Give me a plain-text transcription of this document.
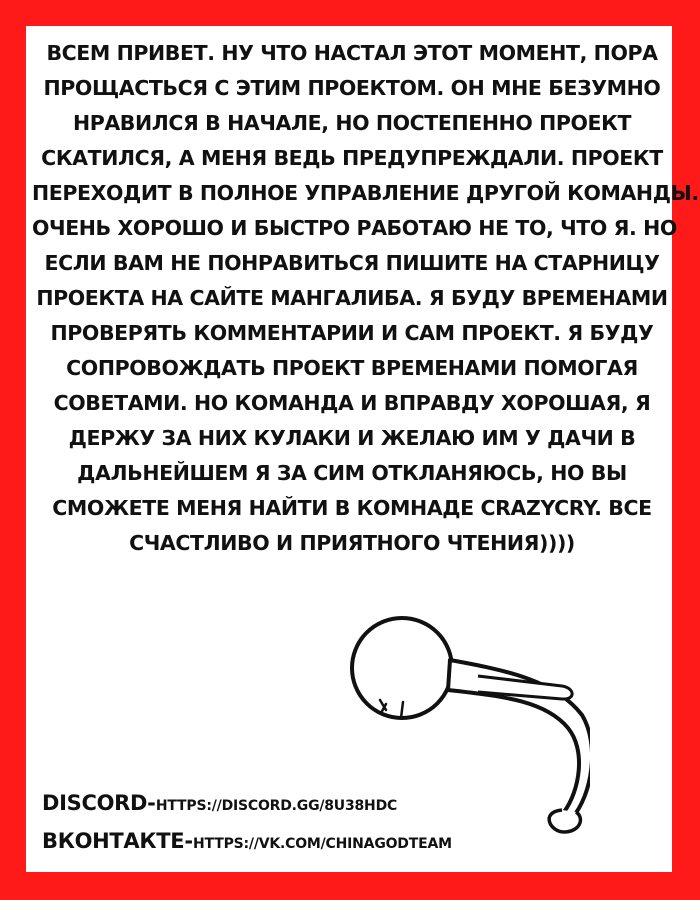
ВСЕМ ПРИВЕТ. НУ ЧТО НАСТАЛ ЭТОТ МОМЕНТ, ПОРА
ПРОЩАСТЬСЯ С ЭТИМ ПРОЕКТОМ. ОН МНЕ БЕЗУМНО
НРАВИЛСЯ В НАЧАЛЕ, НО ПОСТЕПЕННО ПРОЕКТ
СКАТИЛСЯ, А МЕНЯ ВЕДЬ ПРЕДУПРЕЖДАЛИ. ПРОЕКТ
ПЕРЕХОДИТ В ПОЛНОЕ УПРАВЛЕНИЕ ДРУГОЙ КОМАНДЫ.
ОЧЕНЬ ХОРОШО И БЫСТРО РАБОТАЮ НЕ ТО, ЧТО Я. НО
ЕСЛИ ВАМ НЕ ПОНРАВИТЬСЯ ПИШИТЕ НА СТАРНИЦУ
ПРОЕКТА НА САЙТЕ МАНГАЛИБА. Я БУДУ ВРЕМЕНАМИ
ПРОВЕРЯТЬ КОММЕНТАРИИ И САМ ПРОЕКТ. Я БУДУ
СОПРОВОЖДАТЬ ПРОЕКТ ВРЕМЕНАМИ ПОМОГАЯ
СОВЕТАМИ. НО КОМАНДА И ВПРАВДУ ХОРОШАЯ, Я
ДЕРЖУ ЗА НИХ КУЛАКИ И ЖЕЛАЮ ИМ У ДАЧИ В
ДАЛЬНЕЙШЕМ Я ЗА СИМ ОТКЛАНЯЮСЬ, НО ВЫ
СМОЖЕТЕ МЕНЯ НАЙТИ В КОМНАДЕ CRAZYCRY. ВСЕ
СЧАСТЛИВО И ПРИЯТНОГО ЧТЕНИЯ))))
DISCORD-HTTPS://DISCORD.GG/8U38HDC
ВКОНТАКТЕ-HTTPS://VK.COM/CHINAGODTEAM
